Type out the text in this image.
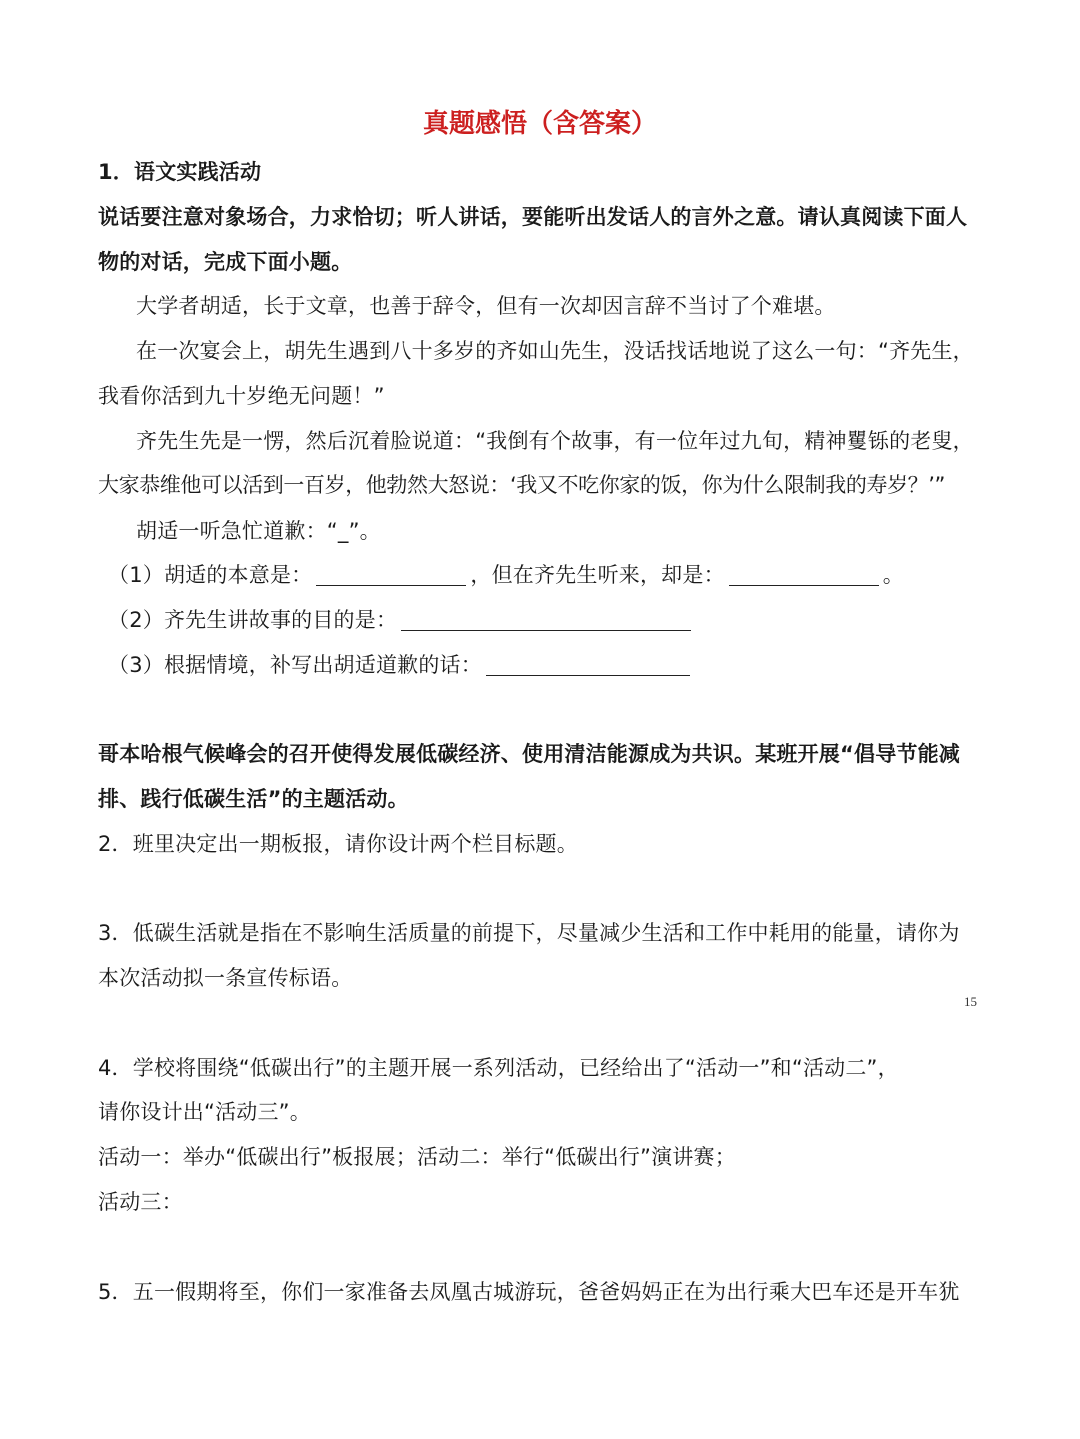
真题感悟（含答案）
1．语文实践活动
说话要注意对象场合，力求恰切；听人讲话，要能听出发话人的言外之意。请认真阅读下面人
物的对话，完成下面小题。
大学者胡适，长于文章，也善于辞令，但有一次却因言辞不当讨了个难堪。
在一次宴会上，胡先生遇到八十多岁的齐如山先生，没话找话地说了这么一句：“齐先生，
我看你活到九十岁绝无问题！”
齐先生先是一愣，然后沉着脸说道：“我倒有个故事，有一位年过九旬，精神矍铄的老叟，
大家恭维他可以活到一百岁，他勃然大怒说：‘我又不吃你家的饭，你为什么限制我的寿岁？’”
胡适一听急忙道歉：“_”。
（1）胡适的本意是：	，但在齐先生听来，却是：	。
（2）齐先生讲故事的目的是：
（3）根据情境，补写出胡适道歉的话：
哥本哈根气候峰会的召开使得发展低碳经济、使用清洁能源成为共识。某班开展“倡导节能减
排、践行低碳生活”的主题活动。
2．班里决定出一期板报，请你设计两个栏目标题。
3．低碳生活就是指在不影响生活质量的前提下，尽量减少生活和工作中耗用的能量，请你为
本次活动拟一条宣传标语。
4．学校将围绕“低碳出行”的主题开展一系列活动，已经给出了“活动一”和“活动二”，
请你设计出“活动三”。
活动一：举办“低碳出行”板报展；活动二：举行“低碳出行”演讲赛；
活动三：
5．五一假期将至，你们一家准备去凤凰古城游玩，爸爸妈妈正在为出行乘大巴车还是开车犹
15
